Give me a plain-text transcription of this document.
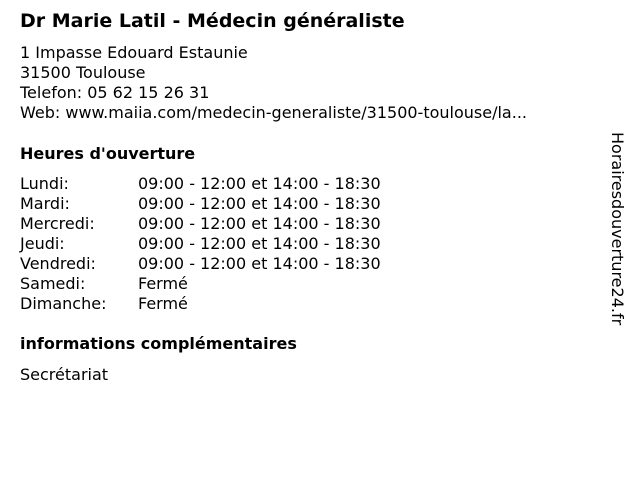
Dr Marie Latil - Médecin généraliste
1 Impasse Edouard Estaunie
31500 Toulouse
Telefon: 05 62 15 26 31
Web: www.maiia.com/medecin-generaliste/31500-toulouse/la...
Heures d'ouverture
Lundi:	09:00 - 12:00 et 14:00 - 18:30
Mardi:	09:00 - 12:00 et 14:00 - 18:30
Mercredi:	09:00 - 12:00 et 14:00 - 18:30
Jeudi:	09:00 - 12:00 et 14:00 - 18:30
Vendredi:	09:00 - 12:00 et 14:00 - 18:30
Samedi:	Fermé
Dimanche:	Fermé
informations complémentaires
Secrétariat
Horairesdouverture24.fr
